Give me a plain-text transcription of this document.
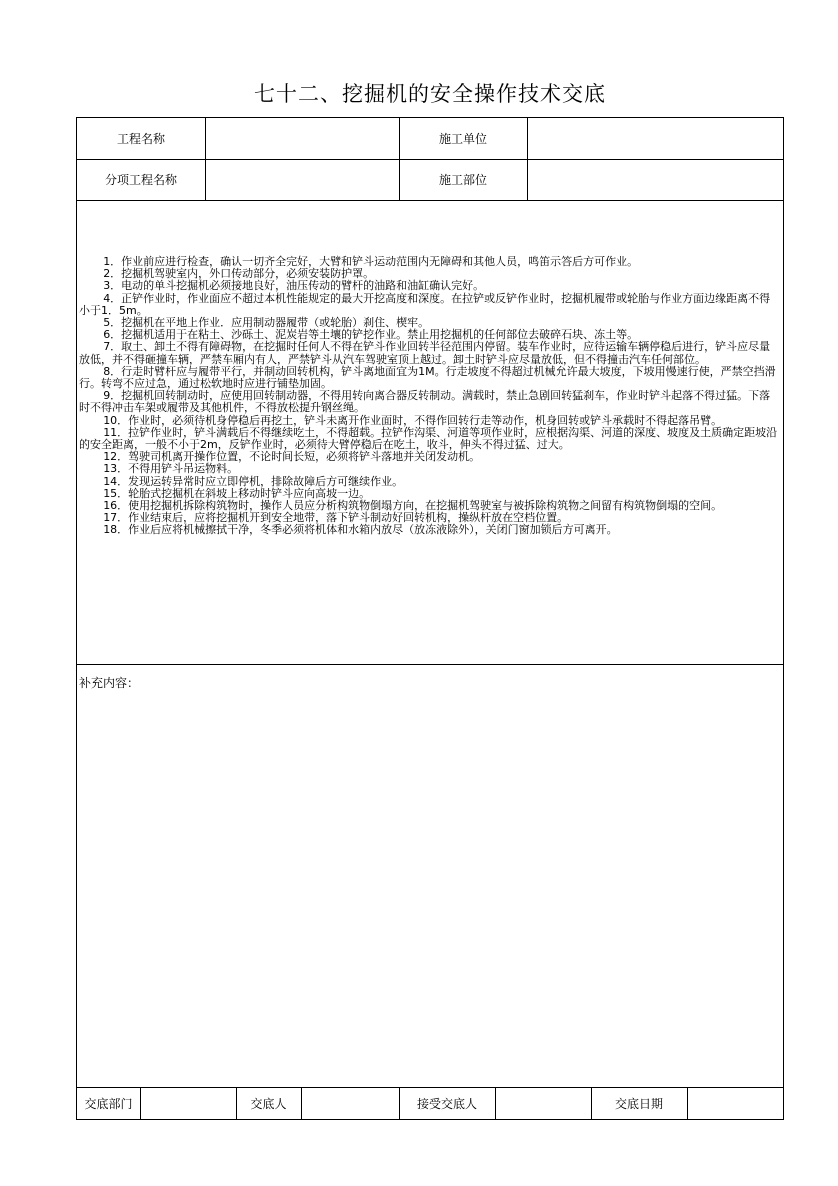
七十二、挖掘机的安全操作技术交底
工程名称	施工单位
分项工程名称	施工部位

1．作业前应进行检查，确认一切齐全完好，大臂和铲斗运动范围内无障碍和其他人员，鸣笛示答后方可作业。

2．挖掘机驾驶室内，外口传动部分，必须安装防护罩。

3．电动的单斗挖掘机必须接地良好，油压传动的臂杆的油路和油缸确认完好。

4．正铲作业时，作业面应不超过本机性能规定的最大开挖高度和深度。在拉铲或反铲作业时，挖掘机履带或轮胎与作业方面边缘距离不得小于1．5m。

5．挖掘机在平地上作业．应用制动器履带（或轮胎）刹住、楔牢。

6．挖掘机适用于在粘土、沙砾土、泥炭岩等土壤的铲挖作业。禁止用挖掘机的任何部位去破碎石块、冻土等。

7．取土、卸土不得有障碍物，在挖掘时任何人不得在铲斗作业回转半径范围内停留。装车作业时，应待运输车辆停稳后进行，铲斗应尽量放低，并不得砸撞车辆，严禁车厢内有人，严禁铲斗从汽车驾驶室顶上越过。卸土时铲斗应尽量放低，但不得撞击汽车任何部位。

8．行走时臂杆应与履带平行，并制动回转机构，铲斗离地面宜为1M。行走坡度不得超过机械允许最大坡度，下坡用慢速行使，严禁空挡滑行。转弯不应过急，通过松软地时应进行铺垫加固。

9．挖掘机回转制动时，应使用回转制动器，不得用转向离合器反转制动。满载时，禁止急剧回转猛刹车，作业时铲斗起落不得过猛。下落时不得冲击车架或履带及其他机件，不得放松提升钢丝绳。

10．作业时，必须待机身停稳后再挖土，铲斗未离开作业面时，不得作回转行走等动作，机身回转或铲斗承载时不得起落吊臂。

11．拉铲作业时，铲斗满载后不得继续吃土，不得超载。拉铲作沟渠、河道等项作业时，应根据沟渠、河道的深度、坡度及土质确定距坡沿的安全距离，一般不小于2m，反铲作业时，必须待大臂停稳后在吃土，收斗，伸头不得过猛、过大。

12．驾驶司机离开操作位置，不论时间长短，必须将铲斗落地并关闭发动机。

13．不得用铲斗吊运物料。

14．发现运转异常时应立即停机，排除故障后方可继续作业。

15．轮胎式挖掘机在斜坡上移动时铲斗应向高坡一边。

16．使用挖掘机拆除构筑物时，操作人员应分析构筑物倒塌方向，在挖掘机驾驶室与被拆除构筑物之间留有构筑物倒塌的空间。

17．作业结束后，应将挖掘机开到安全地带，落下铲斗制动好回转机构，操纵杆放在空档位置。

18．作业后应将机械擦拭干净，冬季必须将机体和水箱内放尽（放冻液除外），关闭门窗加锁后方可离开。

补充内容：
交底部门	交底人	接受交底人	交底日期
